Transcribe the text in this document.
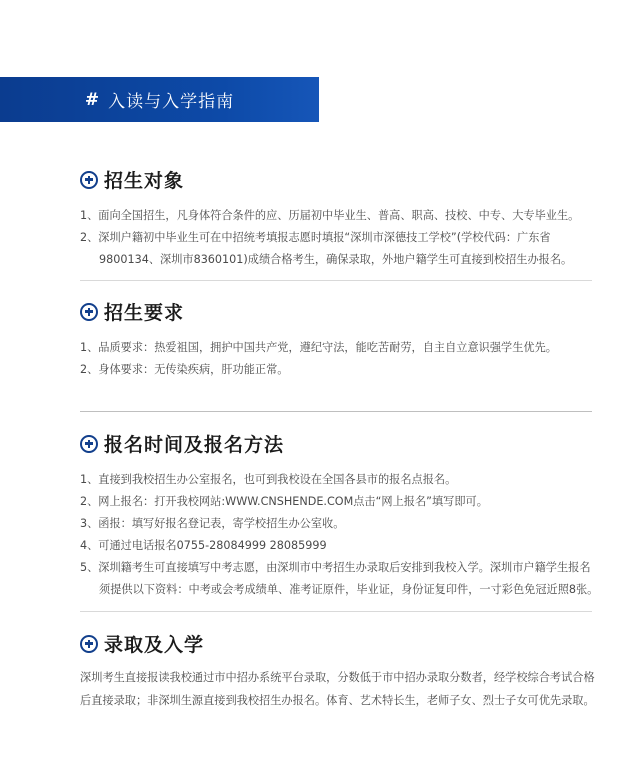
# 入读与入学指南
招生对象
1、面向全国招生，凡身体符合条件的应、历届初中毕业生、普高、职高、技校、中专、大专毕业生。
2、深圳户籍初中毕业生可在中招统考填报志愿时填报“深圳市深德技工学校”(学校代码：广东省
9800134、深圳市8360101)成绩合格考生，确保录取，外地户籍学生可直接到校招生办报名。
招生要求
1、品质要求：热爱祖国，拥护中国共产党，遵纪守法，能吃苦耐劳，自主自立意识强学生优先。
2、身体要求：无传染疾病，肝功能正常。
报名时间及报名方法
1、直接到我校招生办公室报名，也可到我校设在全国各县市的报名点报名。
2、网上报名：打开我校网站:WWW.CNSHENDE.COM点击“网上报名”填写即可。
3、函报：填写好报名登记表，寄学校招生办公室收。
4、可通过电话报名0755-28084999 28085999
5、深圳籍考生可直接填写中考志愿，由深圳市中考招生办录取后安排到我校入学。深圳市户籍学生报名
须提供以下资料：中考或会考成绩单、准考证原件，毕业证，身份证复印件，一寸彩色免冠近照8张。
录取及入学
深圳考生直接报读我校通过市中招办系统平台录取，分数低于市中招办录取分数者，经学校综合考试合格
后直接录取；非深圳生源直接到我校招生办报名。体育、艺术特长生，老师子女、烈士子女可优先录取。
